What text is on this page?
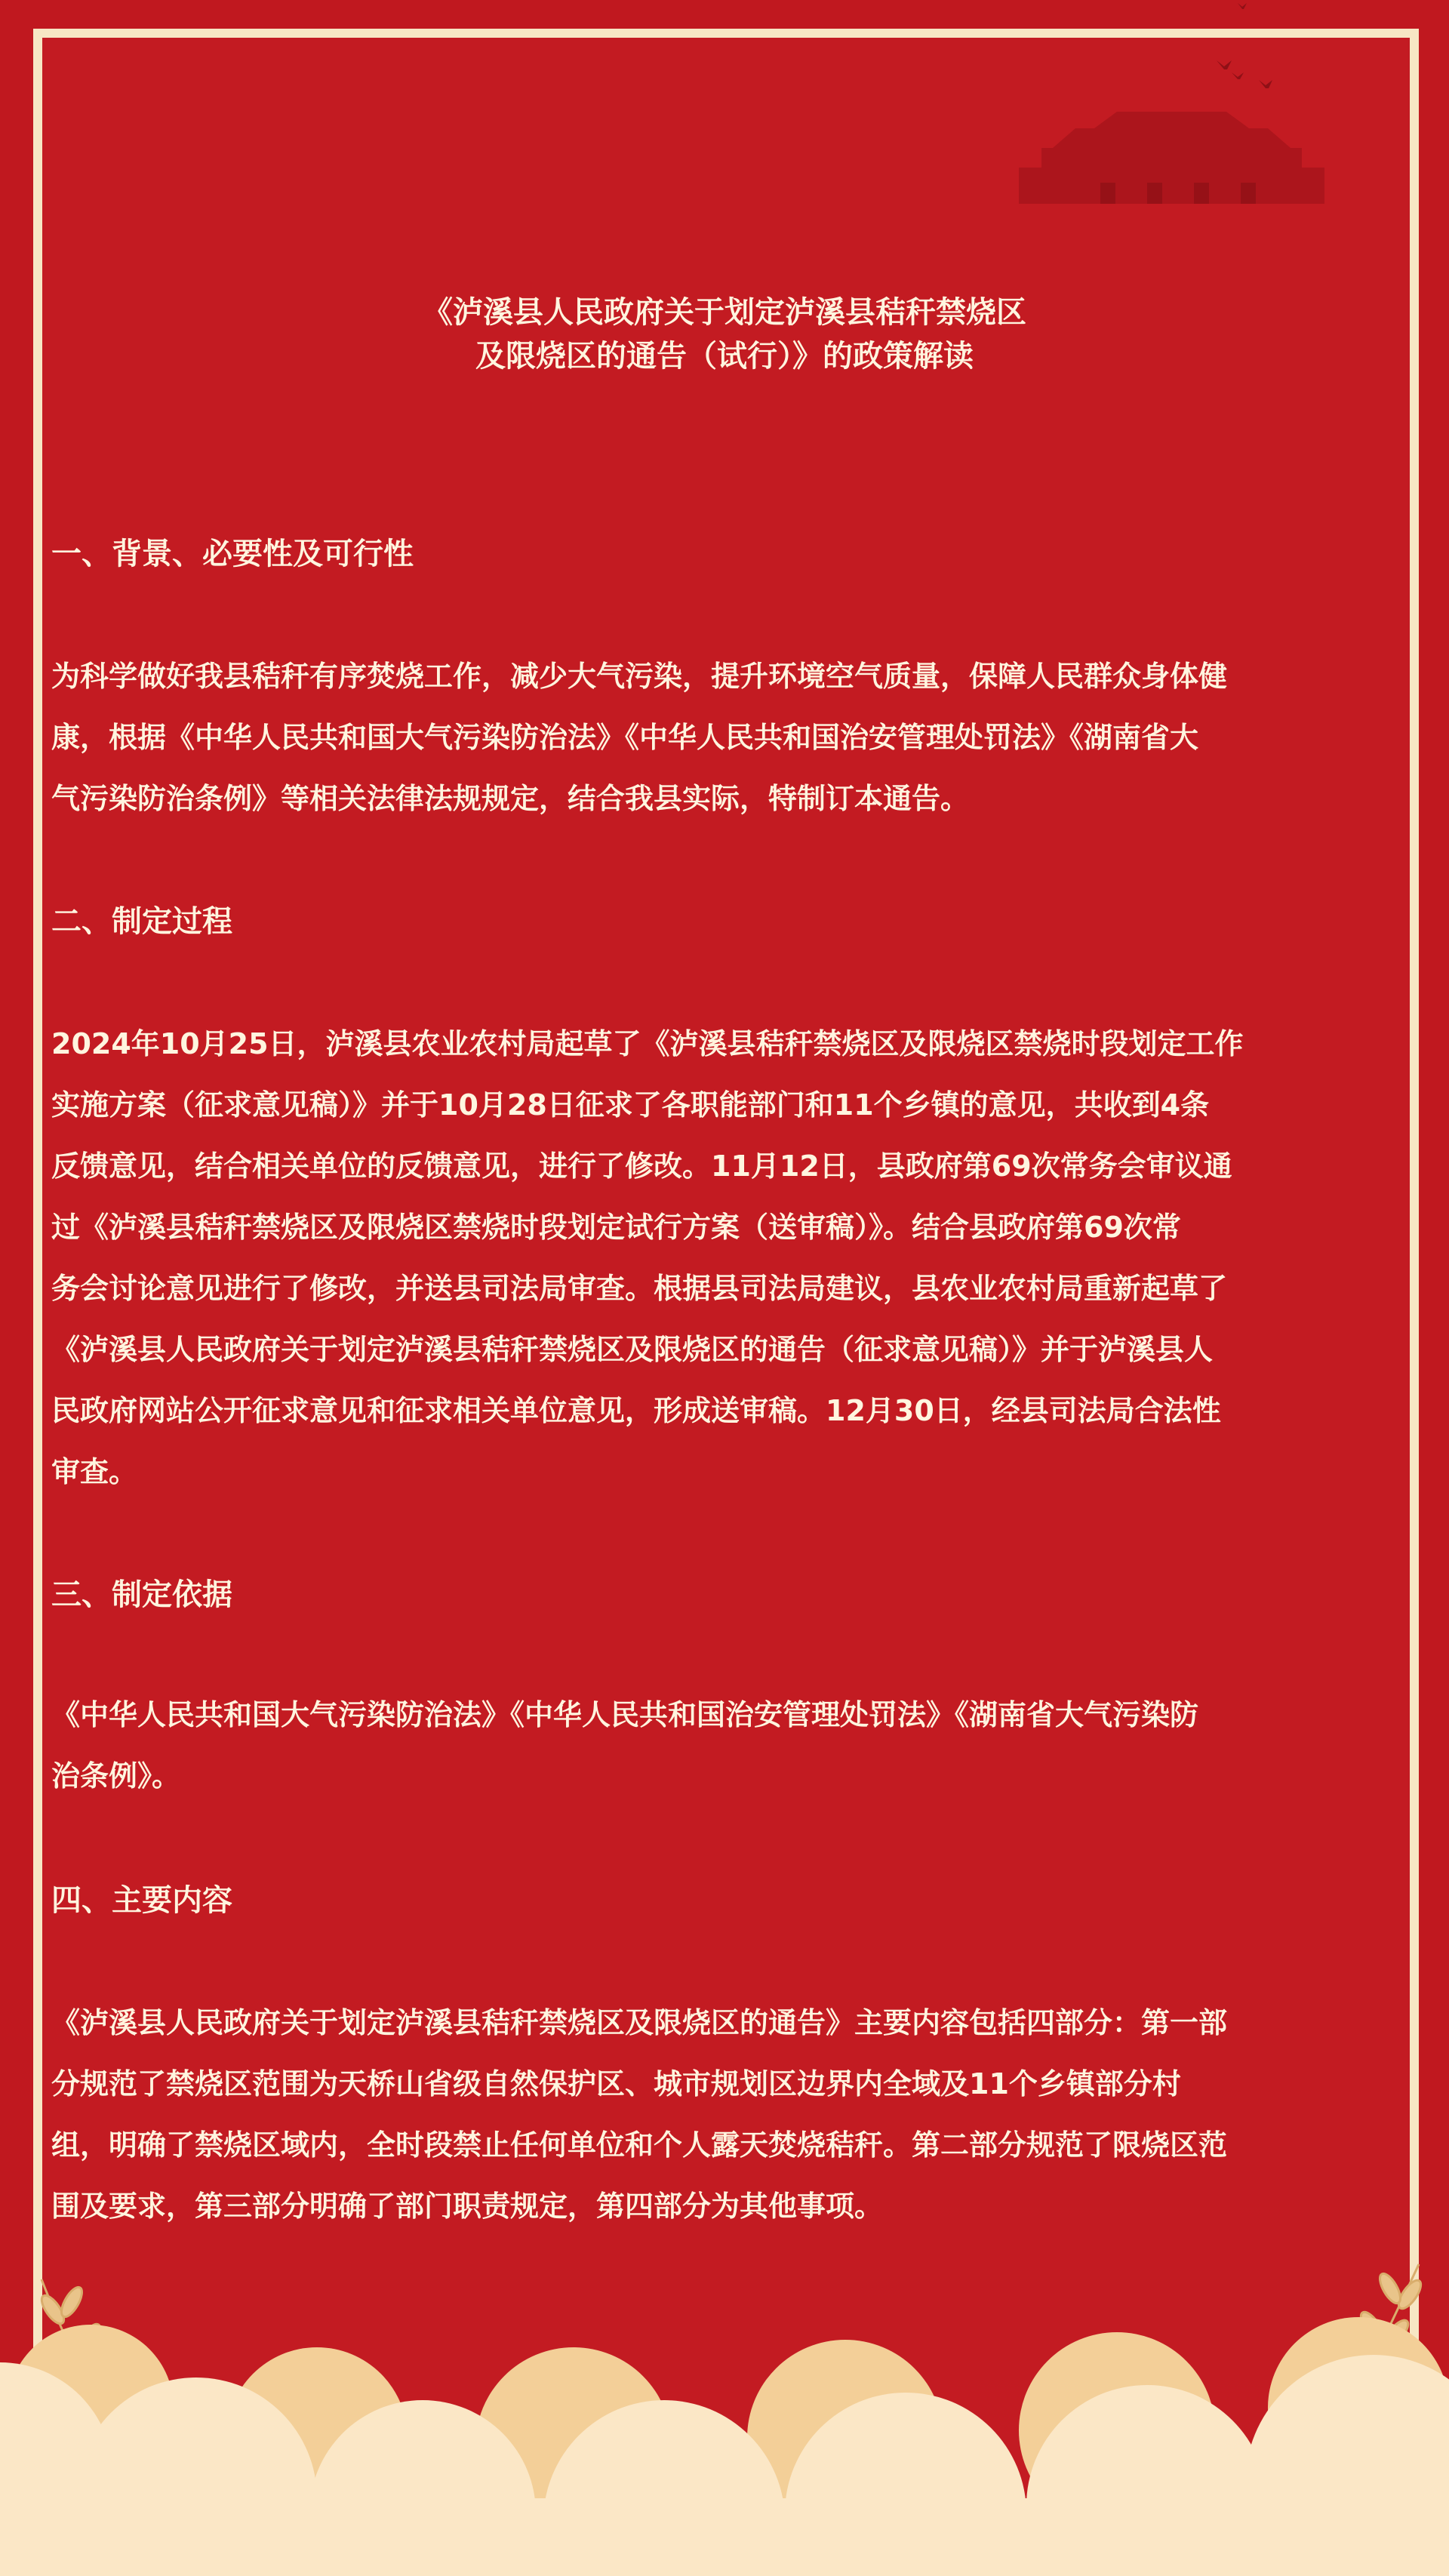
《泸溪县人民政府关于划定泸溪县秸秆禁烧区
及限烧区的通告（试行）》的政策解读
一、背景、必要性及可行性
为科学做好我县秸秆有序焚烧工作，减少大气污染，提升环境空气质量，保障人民群众身体健
康，根据《中华人民共和国大气污染防治法》《中华人民共和国治安管理处罚法》《湖南省大
气污染防治条例》等相关法律法规规定，结合我县实际，特制订本通告。
二、制定过程
2024年10月25日，泸溪县农业农村局起草了《泸溪县秸秆禁烧区及限烧区禁烧时段划定工作
实施方案（征求意见稿）》并于10月28日征求了各职能部门和11个乡镇的意见，共收到4条
反馈意见，结合相关单位的反馈意见，进行了修改。11月12日，县政府第69次常务会审议通
过《泸溪县秸秆禁烧区及限烧区禁烧时段划定试行方案（送审稿）》。结合县政府第69次常
务会讨论意见进行了修改，并送县司法局审查。根据县司法局建议，县农业农村局重新起草了
《泸溪县人民政府关于划定泸溪县秸秆禁烧区及限烧区的通告（征求意见稿）》并于泸溪县人
民政府网站公开征求意见和征求相关单位意见，形成送审稿。12月30日，经县司法局合法性
审查。
三、制定依据
《中华人民共和国大气污染防治法》《中华人民共和国治安管理处罚法》《湖南省大气污染防
治条例》。
四、主要内容
《泸溪县人民政府关于划定泸溪县秸秆禁烧区及限烧区的通告》主要内容包括四部分：第一部
分规范了禁烧区范围为天桥山省级自然保护区、城市规划区边界内全域及11个乡镇部分村
组，明确了禁烧区域内，全时段禁止任何单位和个人露天焚烧秸秆。第二部分规范了限烧区范
围及要求，第三部分明确了部门职责规定，第四部分为其他事项。
